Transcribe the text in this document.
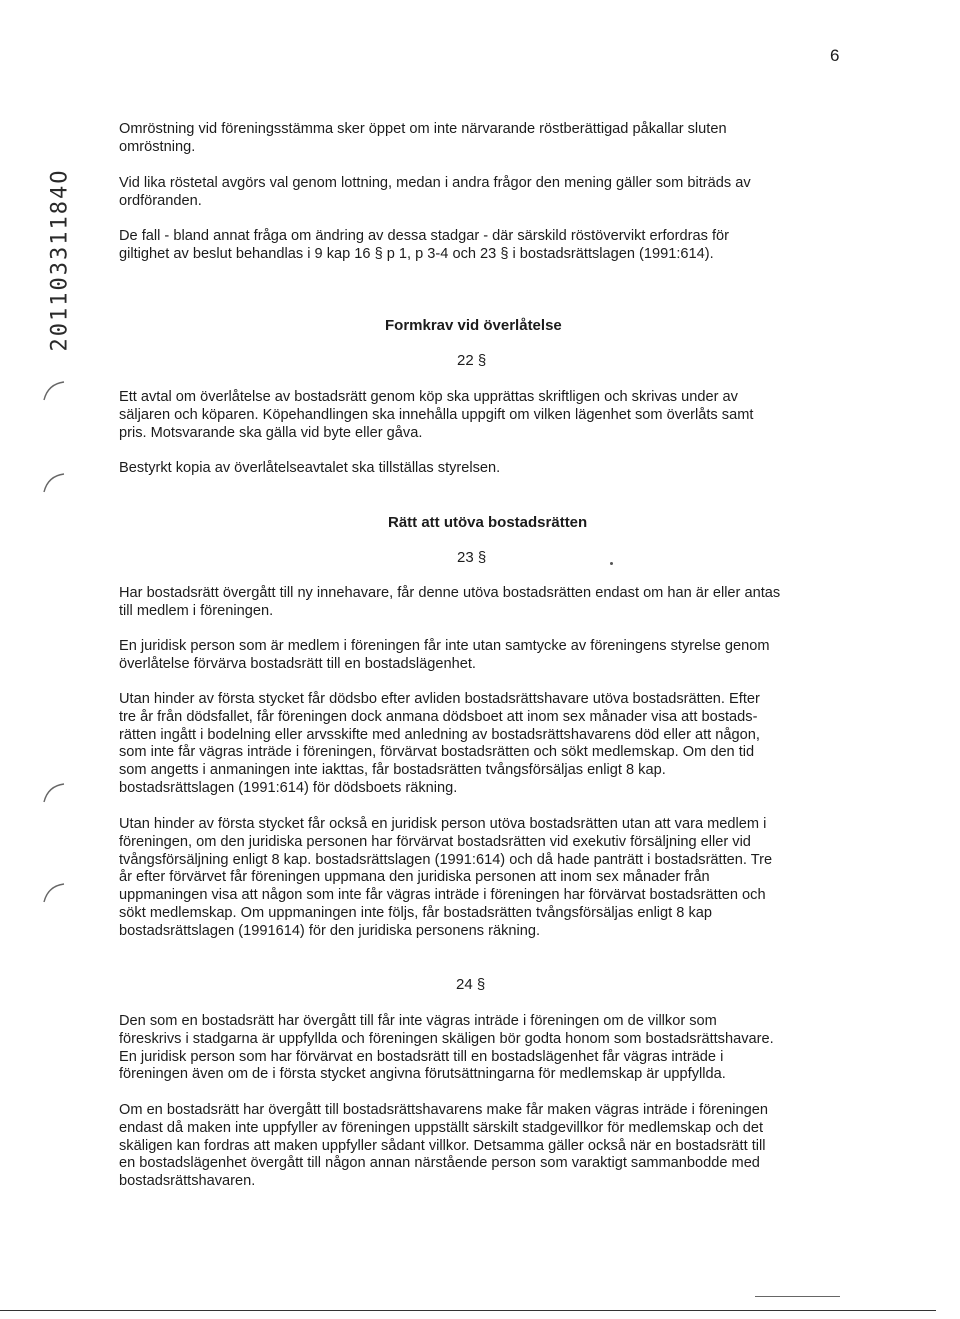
6
20110331184O

Omröstning vid föreningsstämma sker öppet om inte närvarande röstberättigad påkallar sluten
omröstning.

Vid lika röstetal avgörs val genom lottning, medan i andra frågor den mening gäller som biträds av
ordföranden.

De fall - bland annat fråga om ändring av dessa stadgar - där särskild röstövervikt erfordras för
giltighet av beslut behandlas i 9 kap 16 § p 1, p 3-4 och 23 § i bostadsrättslagen (1991:614).

Formkrav vid överlåtelse
22 §

Ett avtal om överlåtelse av bostadsrätt genom köp ska upprättas skriftligen och skrivas under av
säljaren och köparen. Köpehandlingen ska innehålla uppgift om vilken lägenhet som överlåts samt
pris. Motsvarande ska gälla vid byte eller gåva.

Bestyrkt kopia av överlåtelseavtalet ska tillställas styrelsen.

Rätt att utöva bostadsrätten
23 §

Har bostadsrätt övergått till ny innehavare, får denne utöva bostadsrätten endast om han är eller antas
till medlem i föreningen.

En juridisk person som är medlem i föreningen får inte utan samtycke av föreningens styrelse genom
överlåtelse förvärva bostadsrätt till en bostadslägenhet.

Utan hinder av första stycket får dödsbo efter avliden bostadsrättshavare utöva bostadsrätten. Efter
tre år från dödsfallet, får föreningen dock anmana dödsboet att inom sex månader visa att bostads-
rätten ingått i bodelning eller arvsskifte med anledning av bostadsrättshavarens död eller att någon,
som inte får vägras inträde i föreningen, förvärvat bostadsrätten och sökt medlemskap. Om den tid
som angetts i anmaningen inte iakttas, får bostadsrätten tvångsförsäljas enligt 8 kap.
bostadsrättslagen (1991:614) för dödsboets räkning.

Utan hinder av första stycket får också en juridisk person utöva bostadsrätten utan att vara medlem i
föreningen, om den juridiska personen har förvärvat bostadsrätten vid exekutiv försäljning eller vid
tvångsförsäljning enligt 8 kap. bostadsrättslagen (1991:614) och då hade panträtt i bostadsrätten. Tre
år efter förvärvet får föreningen uppmana den juridiska personen att inom sex månader från
uppmaningen visa att någon som inte får vägras inträde i föreningen har förvärvat bostadsrätten och
sökt medlemskap. Om uppmaningen inte följs, får bostadsrätten tvångsförsäljas enligt 8 kap
bostadsrättslagen (1991614) för den juridiska personens räkning.

24 §

Den som en bostadsrätt har övergått till får inte vägras inträde i föreningen om de villkor som
föreskrivs i stadgarna är uppfyllda och föreningen skäligen bör godta honom som bostadsrättshavare.
En juridisk person som har förvärvat en bostadsrätt till en bostadslägenhet får vägras inträde i
föreningen även om de i första stycket angivna förutsättningarna för medlemskap är uppfyllda.

Om en bostadsrätt har övergått till bostadsrättshavarens make får maken vägras inträde i föreningen
endast då maken inte uppfyller av föreningen uppställt särskilt stadgevillkor för medlemskap och det
skäligen kan fordras att maken uppfyller sådant villkor. Detsamma gäller också när en bostadsrätt till
en bostadslägenhet övergått till någon annan närstående person som varaktigt sammanbodde med
bostadsrättshavaren.
